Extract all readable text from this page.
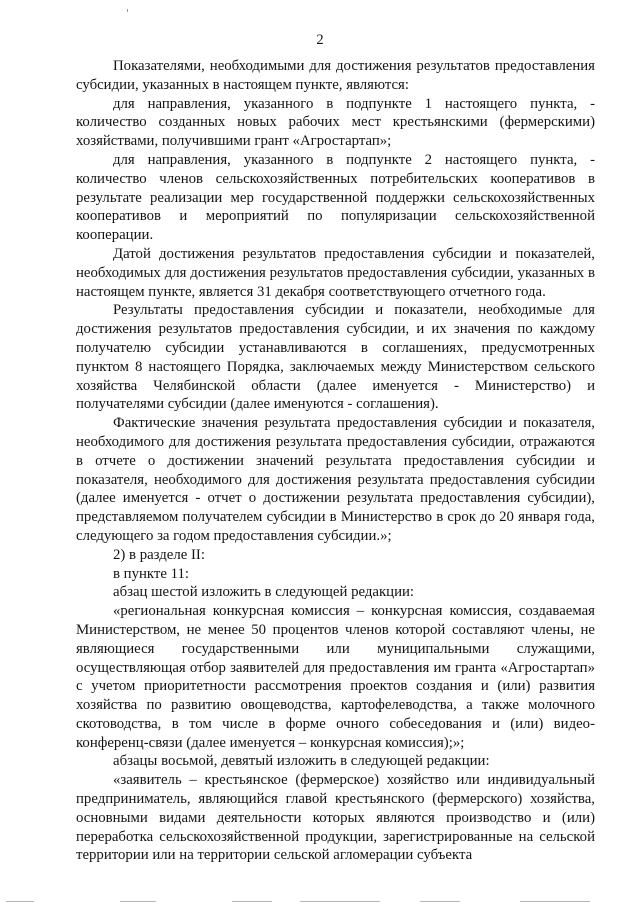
2

Показателями, необходимыми для достижения результатов предоставления субсидии, указанных в настоящем пункте, являются:

для направления, указанного в подпункте 1 настоящего пункта, - количество созданных новых рабочих мест крестьянскими (фермерскими) хозяйствами, получившими грант «Агростартап»;

для направления, указанного в подпункте 2 настоящего пункта, - количество членов сельскохозяйственных потребительских кооперативов в результате реализации мер государственной поддержки сельскохозяйственных кооперативов и мероприятий по популяризации сельскохозяйственной кооперации.

Датой достижения результатов предоставления субсидии и показателей, необходимых для достижения результатов предоставления субсидии, указанных в настоящем пункте, является 31 декабря соответствующего отчетного года.

Результаты предоставления субсидии и показатели, необходимые для достижения результатов предоставления субсидии, и их значения по каждому получателю субсидии устанавливаются в соглашениях, предусмотренных пунктом 8 настоящего Порядка, заключаемых между Министерством сельского хозяйства Челябинской области (далее именуется - Министерство) и получателями субсидии (далее именуются - соглашения).

Фактические значения результата предоставления субсидии и показателя, необходимого для достижения результата предоставления субсидии, отражаются в отчете о достижении значений результата предоставления субсидии и показателя, необходимого для достижения результата предоставления субсидии (далее именуется - отчет о достижении результата предоставления субсидии), представляемом получателем субсидии в Министерство в срок до 20 января года, следующего за годом предоставления субсидии.»;

2) в разделе II:

в пункте 11:

абзац шестой изложить в следующей редакции:

«региональная конкурсная комиссия – конкурсная комиссия, создаваемая Министерством, не менее 50 процентов членов которой составляют члены, не являющиеся государственными или муниципальными служащими, осуществляющая отбор заявителей для предоставления им гранта «Агростартап» с учетом приоритетности рассмотрения проектов создания и (или) развития хозяйства по развитию овощеводства, картофелеводства, а также молочного скотоводства, в том числе в форме очного собеседования и (или) видео-конференц-связи (далее именуется – конкурсная комиссия);»;

абзацы восьмой, девятый изложить в следующей редакции:

«заявитель – крестьянское (фермерское) хозяйство или индивидуальный предприниматель, являющийся главой крестьянского (фермерского) хозяйства, основными видами деятельности которых являются производство и (или) переработка сельскохозяйственной продукции, зарегистрированные на сельской территории или на территории сельской агломерации субъекта
